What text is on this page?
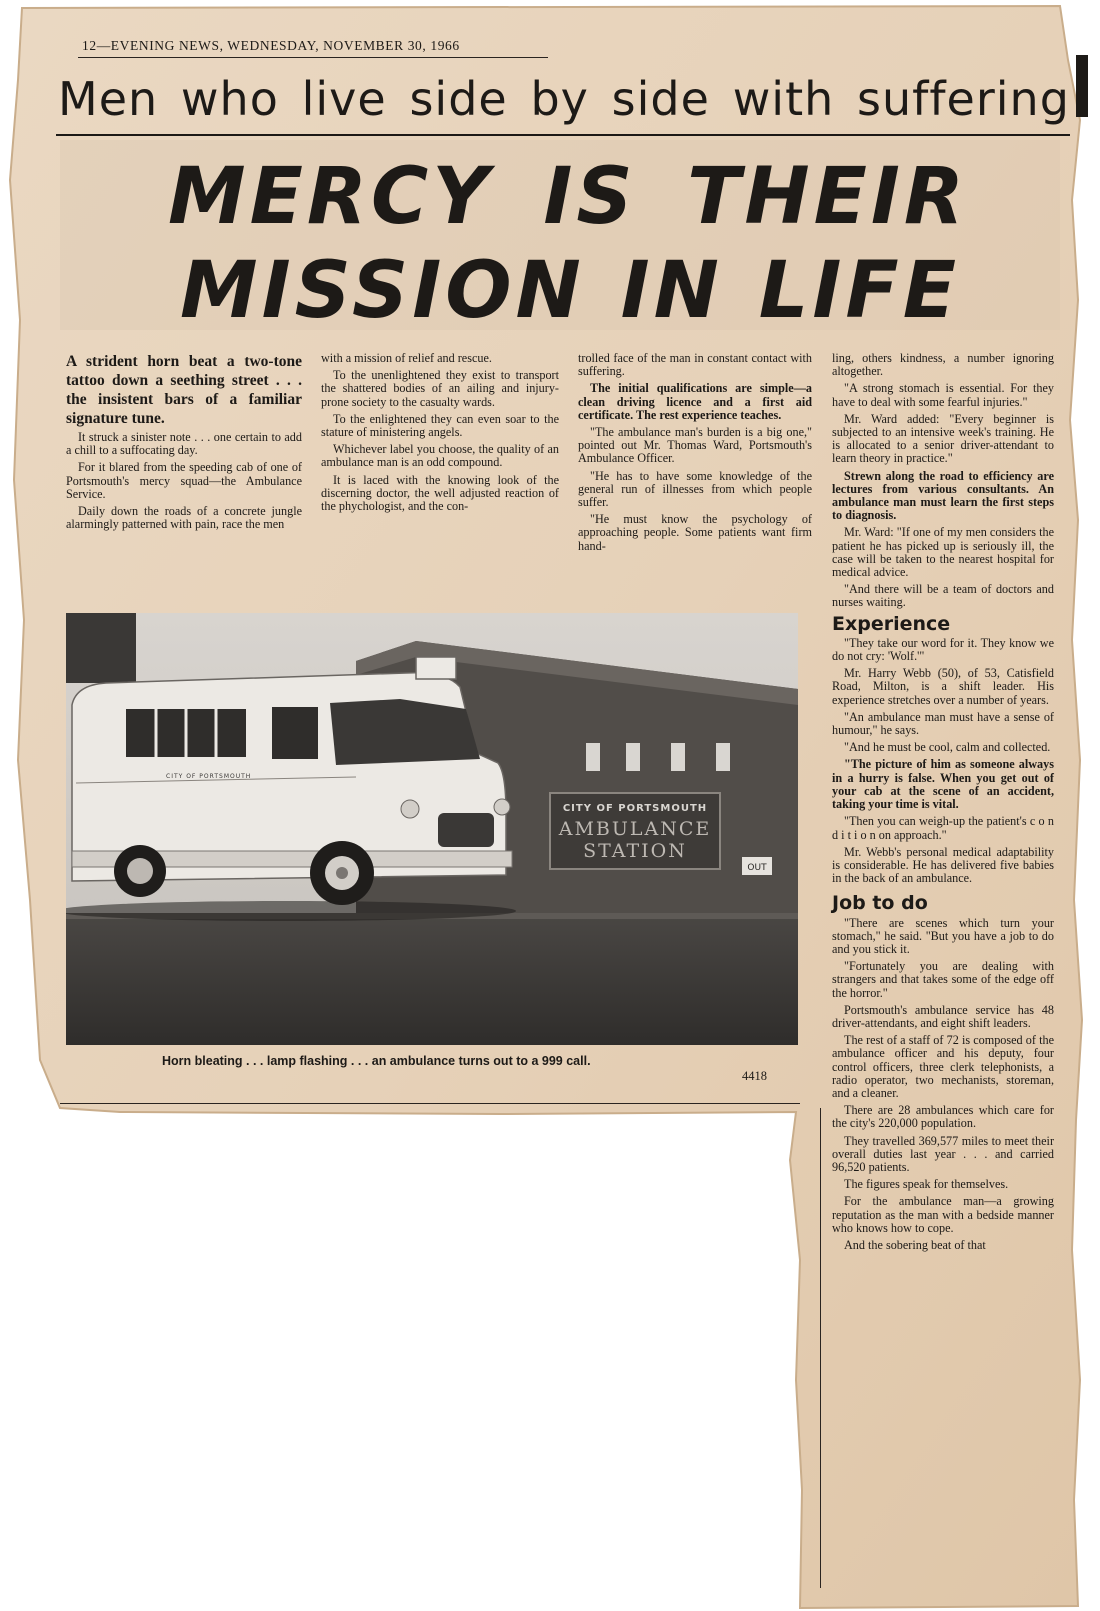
12—EVENING NEWS, WEDNESDAY, NOVEMBER 30, 1966
Men who live side by side with suffering
MERCY IS THEIR
MISSION IN LIFE
A strident horn beat a two-tone tattoo down a seething street . . . the insistent bars of a familiar signature tune.

It struck a sinister note . . . one certain to add a chill to a suffocating day.

For it blared from the speeding cab of one of Portsmouth's mercy squad—the Ambulance Service.

Daily down the roads of a concrete jungle alarmingly patterned with pain, race the men

with a mission of relief and rescue.

To the unenlightened they exist to transport the shattered bodies of an ailing and injury-prone society to the casualty wards.

To the enlightened they can even soar to the stature of ministering angels.

Whichever label you choose, the quality of an ambulance man is an odd compound.

It is laced with the knowing look of the discerning doctor, the well adjusted reaction of the phychologist, and the con-

trolled face of the man in constant contact with suffering.

The initial qualifications are simple—a clean driving licence and a first aid certificate. The rest experience teaches.

"The ambulance man's burden is a big one," pointed out Mr. Thomas Ward, Portsmouth's Ambulance Officer.

"He has to have some knowledge of the general run of illnesses from which people suffer.

"He must know the psychology of approaching people. Some patients want firm hand-

ling, others kindness, a number ignoring altogether.

"A strong stomach is essential. For they have to deal with some fearful injuries."

Mr. Ward added: "Every beginner is subjected to an intensive week's training. He is allocated to a senior driver-attendant to learn theory in practice."

Strewn along the road to efficiency are lectures from various consultants. An ambulance man must learn the first steps to diagnosis.

Mr. Ward: "If one of my men considers the patient he has picked up is seriously ill, the case will be taken to the nearest hospital for medical advice.

"And there will be a team of doctors and nurses waiting.

Experience

"They take our word for it. They know we do not cry: 'Wolf.'"

Mr. Harry Webb (50), of 53, Catisfield Road, Milton, is a shift leader. His experience stretches over a number of years.

"An ambulance man must have a sense of humour," he says.

"And he must be cool, calm and collected.

"The picture of him as someone always in a hurry is false. When you get out of your cab at the scene of an accident, taking your time is vital.

"Then you can weigh-up the patient's c o n d i t i o n on approach."

Mr. Webb's personal medical adaptability is considerable. He has delivered five babies in the back of an ambulance.

Job to do

"There are scenes which turn your stomach," he said. "But you have a job to do and you stick it.

"Fortunately you are dealing with strangers and that takes some of the edge off the horror."

Portsmouth's ambulance service has 48 driver-attendants, and eight shift leaders.

The rest of a staff of 72 is composed of the ambulance officer and his deputy, four control officers, three clerk telephonists, a radio operator, two mechanists, storeman, and a cleaner.

There are 28 ambulances which care for the city's 220,000 population.

They travelled 369,577 miles to meet their overall duties last year . . . and carried 96,520 patients.

The figures speak for themselves.

For the ambulance man—a growing reputation as the man with a bedside manner who knows how to cope.

And the sobering beat of that

CITY OF PORTSMOUTH
AMBULANCE
STATION
OUT
CITY OF PORTSMOUTH
Horn bleating . . . lamp flashing . . . an ambulance turns out to a 999 call.
4418
